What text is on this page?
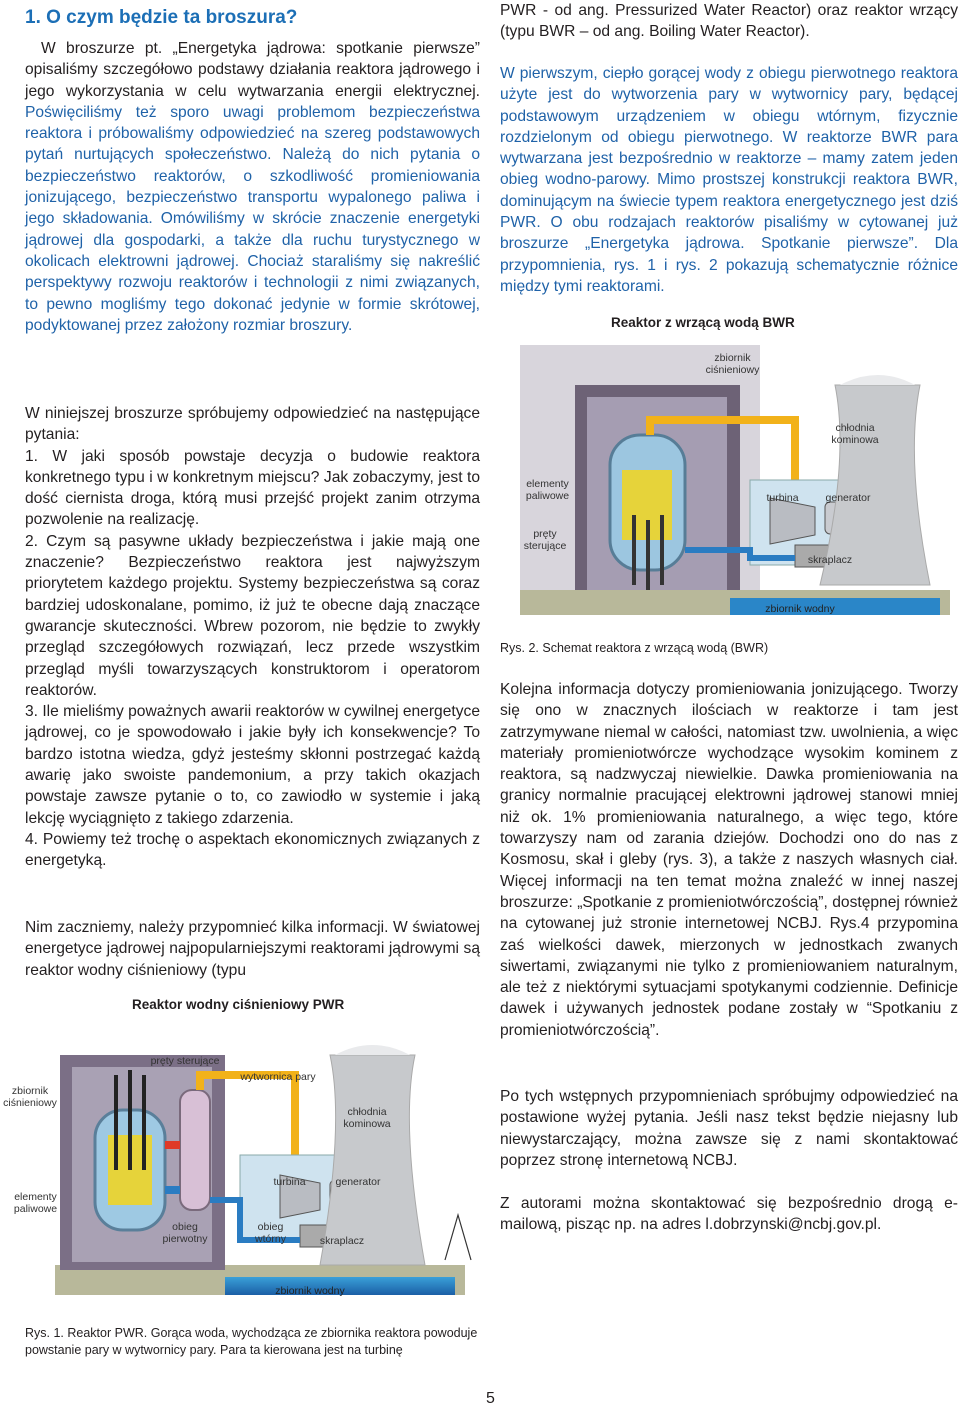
1. O czym będzie ta broszura?

W broszurze pt. „Energetyka jądrowa: spotkanie pierwsze” opisaliśmy szczegółowo podstawy działania reaktora jądrowego i jego wykorzystania w celu wytwarzania energii elektrycznej. Poświęciliśmy też sporo uwagi problemom bezpieczeństwa reaktora i próbowaliśmy odpowiedzieć na szereg podstawowych pytań nurtujących społeczeństwo. Należą do nich pytania o bezpieczeństwo reaktorów, o szkodliwość promieniowania jonizującego, bezpieczeństwo transportu wypalonego paliwa i jego składowania. Omówiliśmy w skrócie znaczenie energetyki jądrowej dla gospodarki, a także dla ruchu turystycznego w okolicach elektrowni jądrowej. Chociaż staraliśmy się nakreślić perspektywy rozwoju reaktorów i technologii z nimi związanych, to pewno mogliśmy tego dokonać jedynie w formie skrótowej, podyktowanej przez założony rozmiar broszury.

W niniejszej broszurze spróbujemy odpowiedzieć na następujące pytania:

1. W jaki sposób powstaje decyzja o budowie reaktora konkretnego typu i w konkretnym miejscu? Jak zobaczymy, jest to dość ciernista droga, którą musi przejść projekt zanim otrzyma pozwolenie na realizację.

2. Czym są pasywne układy bezpieczeństwa i jakie mają one znaczenie? Bezpieczeństwo reaktora jest najwyższym priorytetem każdego projektu. Systemy bezpieczeństwa są coraz bardziej udoskonalane, pomimo, iż już te obecne dają znaczące gwarancje skuteczności. Wbrew pozorom, nie będzie to zwykły przegląd szczegółowych rozwiązań, lecz przede wszystkim przegląd myśli towarzyszących konstruktorom i operatorom reaktorów.

3. Ile mieliśmy poważnych awarii reaktorów w cywilnej energetyce jądrowej, co je spowodowało i jakie były ich konsekwencje? To bardzo istotna wiedza, gdyż jesteśmy skłonni postrzegać każdą awarię jako swoiste pandemonium, a przy takich okazjach powstaje zawsze pytanie o to, co zawiodło w systemie i jaką lekcję wyciągnięto z takiego zdarzenia.

4. Powiemy też trochę o aspektach ekonomicznych związanych z energetyką.

Nim zaczniemy, należy przypomnieć kilka informacji. W światowej energetyce jądrowej najpopularniejszymi reaktorami jądrowymi są reaktor wodny ciśnieniowy (typu

Reaktor wodny ciśnieniowy PWR
pręty sterujące
wytwornica pary
zbiornik ciśnieniowy
chłodnia kominowa
elementy paliwowe
turbina	generator
obieg pierwotny
obieg wtórny	skraplacz
zbiornik wodny
Rys. 1. Reaktor PWR. Gorąca woda, wychodząca ze zbiornika reaktora powoduje powstanie pary w wytwornicy pary. Para ta kierowana jest na turbinę

PWR - od ang. Pressurized Water Reactor) oraz reaktor wrzący (typu BWR – od ang. Boiling Water Reactor).

W pierwszym, ciepło gorącej wody z obiegu pierwotnego reaktora użyte jest do wytworzenia pary w wytwornicy pary, będącej podstawowym urządzeniem w obiegu wtórnym, fizycznie rozdzielonym od obiegu pierwotnego. W reaktorze BWR para wytwarzana jest bezpośrednio w reaktorze – mamy zatem jeden obieg wodno-parowy. Mimo prostszej konstrukcji reaktora BWR, dominującym na świecie typem reaktora energetycznego jest dziś PWR. O obu rodzajach reaktorów pisaliśmy w cytowanej już broszurze „Energetyka jądrowa. Spotkanie pierwsze”. Dla przypomnienia, rys. 1 i rys. 2 pokazują schematycznie różnice między tymi reaktorami.

Reaktor z wrzącą wodą BWR
zbiornik ciśnieniowy
chłodnia kominowa
elementy paliwowe
pręty sterujące
turbina	generator
skraplacz
zbiornik wodny
Rys. 2. Schemat reaktora z wrzącą wodą (BWR)

Kolejna informacja dotyczy promieniowania jonizującego. Tworzy się ono w znacznych ilościach w reaktorze i tam jest zatrzymywane niemal w całości, natomiast tzw. uwolnienia, a więc materiały promieniotwórcze wychodzące wysokim kominem z reaktora, są nadzwyczaj niewielkie. Dawka promieniowania na granicy normalnie pracującej elektrowni jądrowej stanowi mniej niż ok. 1% promieniowania naturalnego, a więc tego, które towarzyszy nam od zarania dziejów. Dochodzi ono do nas z Kosmosu, skał i gleby (rys. 3), a także z naszych własnych ciał. Więcej informacji na ten temat można znaleźć w innej naszej broszurze: „Spotkanie z promieniotwórczością”, dostępnej również na cytowanej już stronie internetowej NCBJ. Rys.4 przypomina zaś wielkości dawek, mierzonych w jednostkach zwanych siwertami, związanymi nie tylko z promieniowaniem naturalnym, ale też z niektórymi sytuacjami spotykanymi codziennie. Definicje dawek i używanych jednostek podane zostały w “Spotkaniu z promieniotwórczością”.

Po tych wstępnych przypomnieniach spróbujmy odpowiedzieć na postawione wyżej pytania. Jeśli nasz tekst będzie niejasny lub niewystarczający, można zawsze się z nami skontaktować poprzez stronę internetową NCBJ.

Z autorami można skontaktować się bezpośrednio drogą e-mailową, pisząc np. na adres l.dobrzynski@ncbj.gov.pl.

5
